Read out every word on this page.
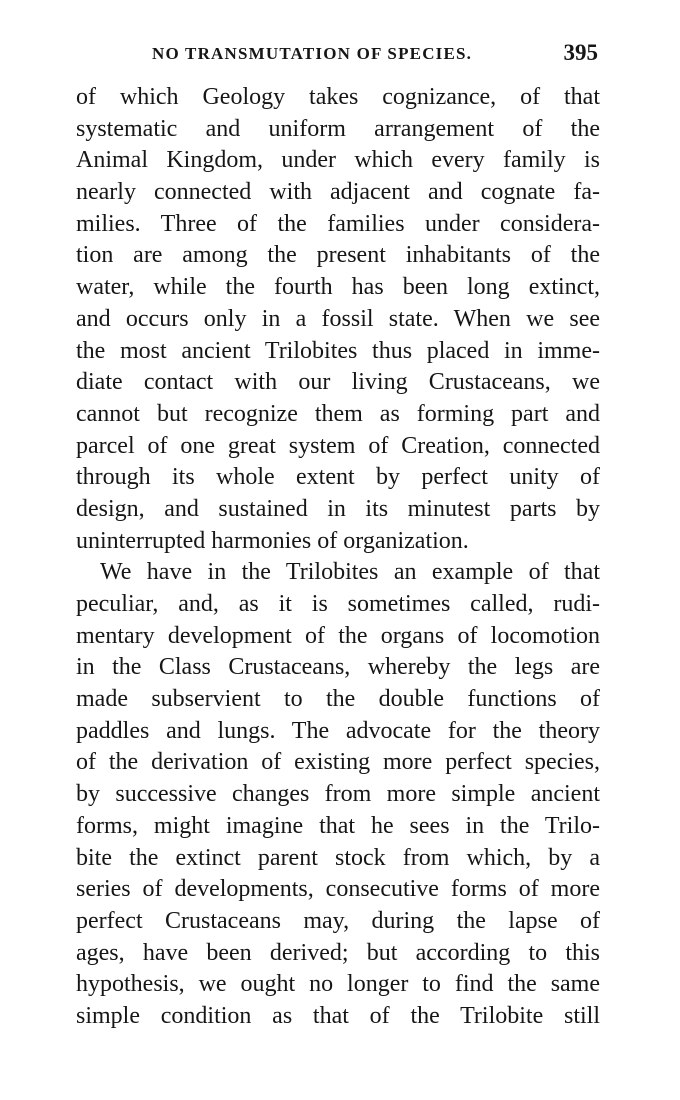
NO TRANSMUTATION OF SPECIES.	395
of which Geology takes cognizance, of that
systematic and uniform arrangement of the
Animal Kingdom, under which every family is
nearly connected with adjacent and cognate fa-
milies. Three of the families under considera-
tion are among the present inhabitants of the
water, while the fourth has been long extinct,
and occurs only in a fossil state. When we see
the most ancient Trilobites thus placed in imme-
diate contact with our living Crustaceans, we
cannot but recognize them as forming part and
parcel of one great system of Creation, connected
through its whole extent by perfect unity of
design, and sustained in its minutest parts by
uninterrupted harmonies of organization.
We have in the Trilobites an example of that
peculiar, and, as it is sometimes called, rudi-
mentary development of the organs of locomotion
in the Class Crustaceans, whereby the legs are
made subservient to the double functions of
paddles and lungs. The advocate for the theory
of the derivation of existing more perfect species,
by successive changes from more simple ancient
forms, might imagine that he sees in the Trilo-
bite the extinct parent stock from which, by a
series of developments, consecutive forms of more
perfect Crustaceans may, during the lapse of
ages, have been derived; but according to this
hypothesis, we ought no longer to find the same
simple condition as that of the Trilobite still
